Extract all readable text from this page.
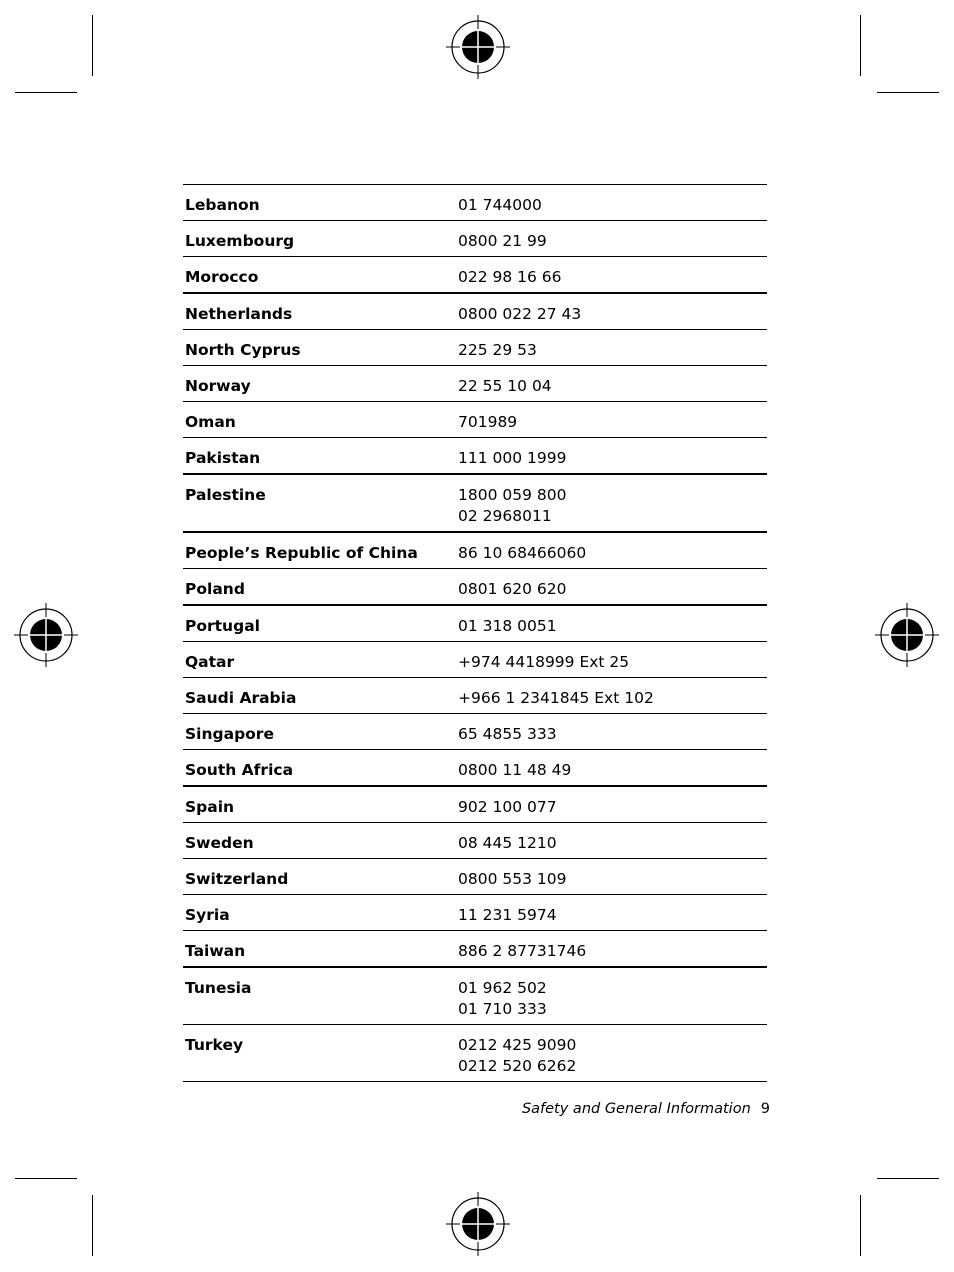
Lebanon	01 744000
Luxembourg	0800 21 99
Morocco	022 98 16 66
Netherlands	0800 022 27 43
North Cyprus	225 29 53
Norway	22 55 10 04
Oman	701989
Pakistan	111 000 1999
Palestine	1800 059 800
02 2968011
People’s Republic of China	86 10 68466060
Poland	0801 620 620
Portugal	01 318 0051
Qatar	+974 4418999 Ext 25
Saudi Arabia	+966 1 2341845 Ext 102
Singapore	65 4855 333
South Africa	0800 11 48 49
Spain	902 100 077
Sweden	08 445 1210
Switzerland	0800 553 109
Syria	11 231 5974
Taiwan	886 2 87731746
Tunesia	01 962 502
01 710 333
Turkey	0212 425 9090
0212 520 6262
Safety and General Information 9
